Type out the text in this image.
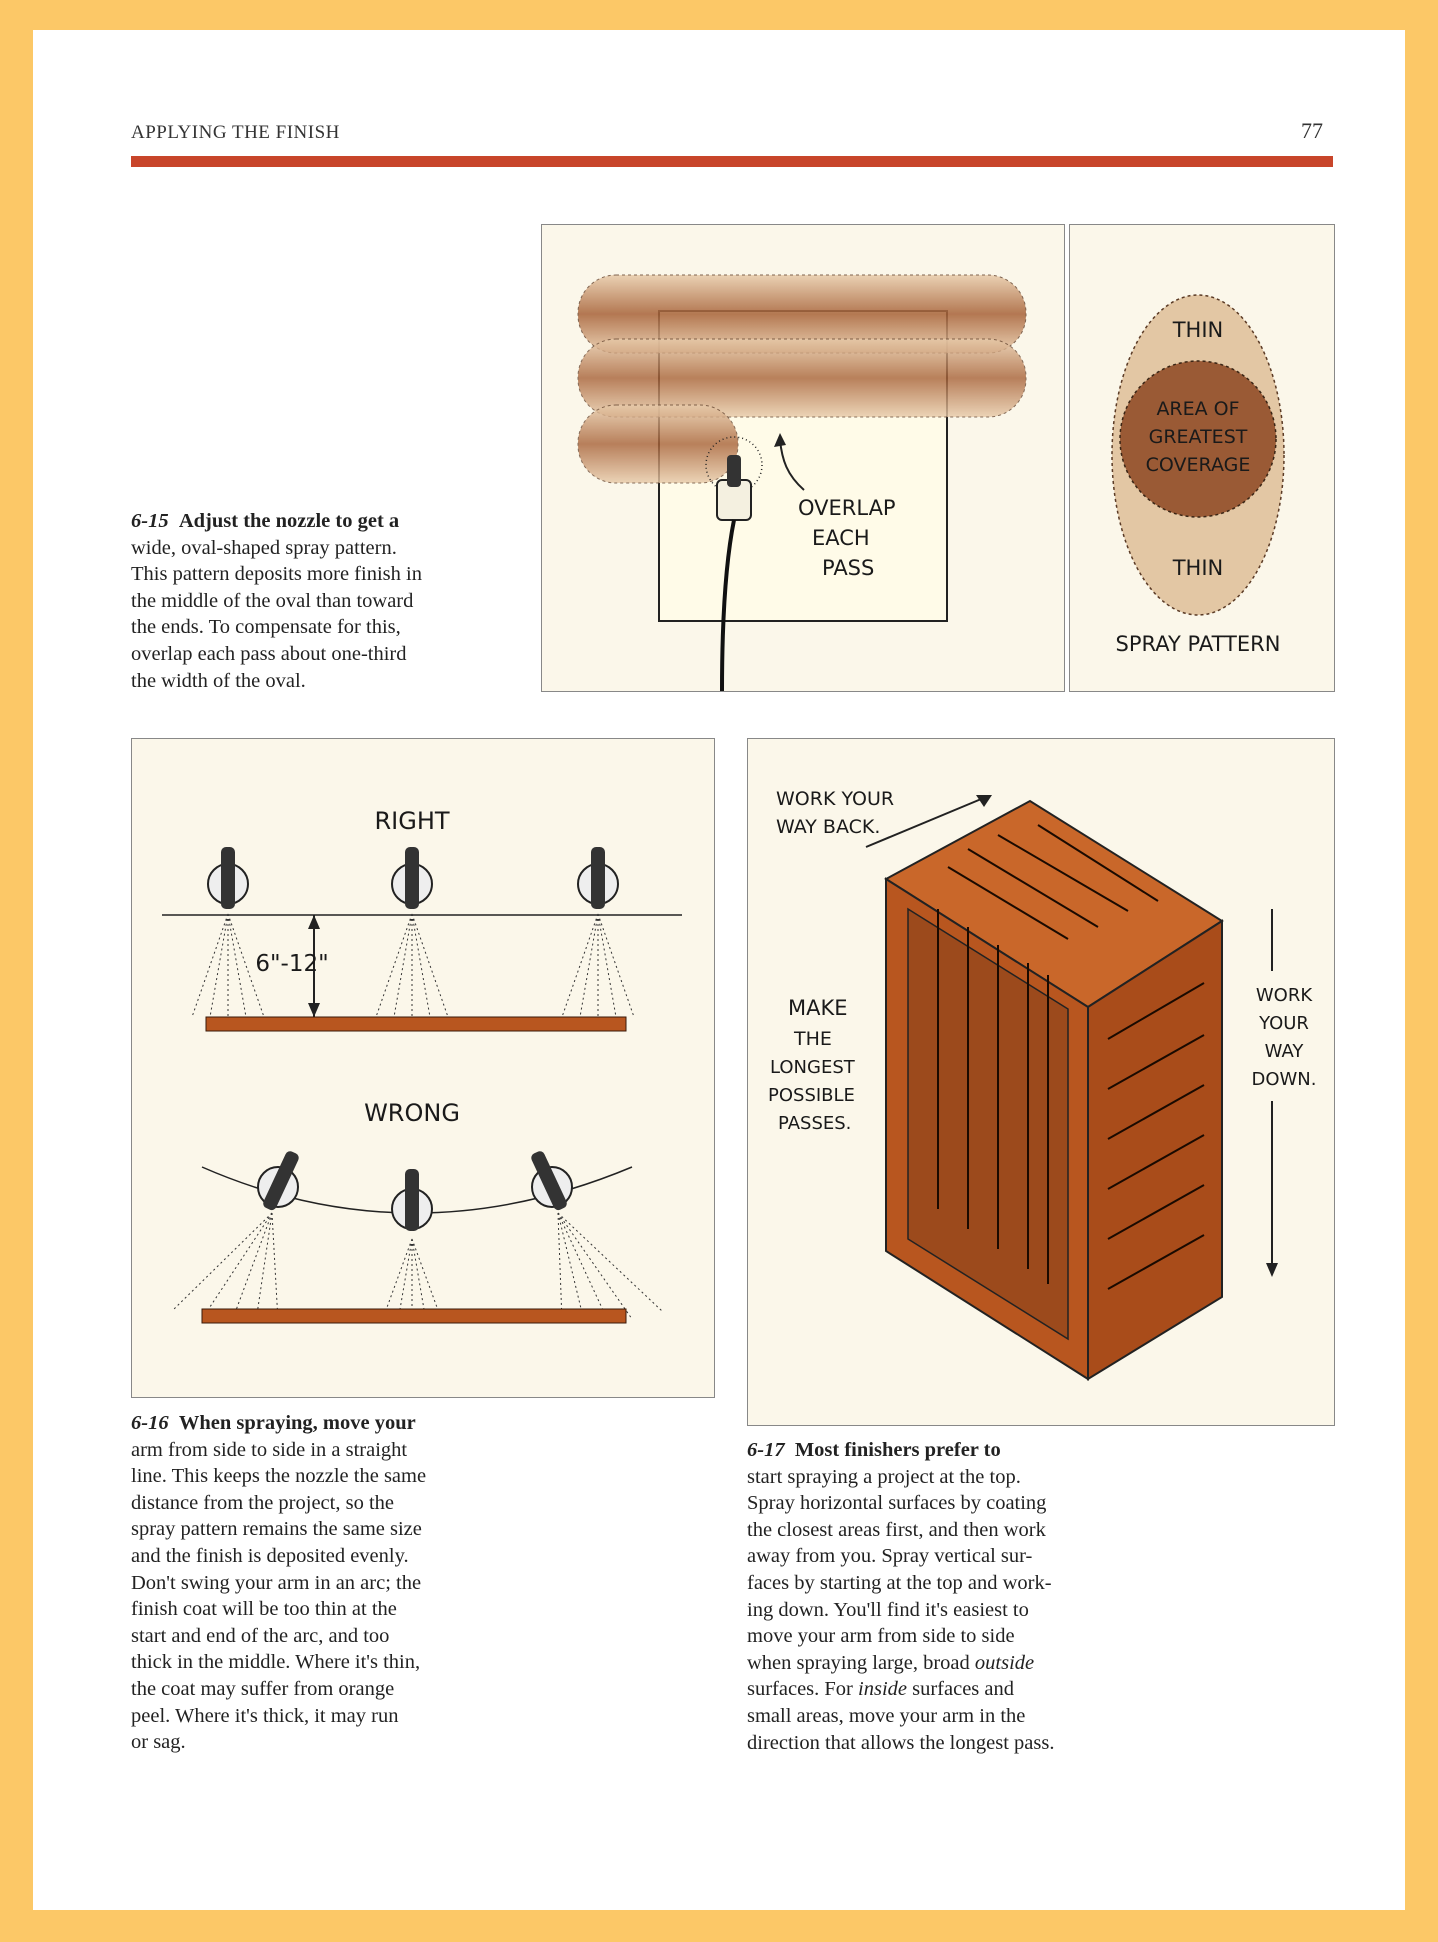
APPLYING THE FINISH	77
6-15 Adjust the nozzle to get a
wide, oval-shaped spray pattern.
This pattern deposits more finish in
the middle of the oval than toward
the ends. To compensate for this,
overlap each pass about one-third
the width of the oval.
OVERLAP
EACH
PASS
THIN
AREA OF
GREATEST
COVERAGE
THIN
SPRAY PATTERN
RIGHT
6"-12"
WRONG
6-16 When spraying, move your
arm from side to side in a straight
line. This keeps the nozzle the same
distance from the project, so the
spray pattern remains the same size
and the finish is deposited evenly.
Don't swing your arm in an arc; the
finish coat will be too thin at the
start and end of the arc, and too
thick in the middle. Where it's thin,
the coat may suffer from orange
peel. Where it's thick, it may run
or sag.
WORK YOUR
WAY BACK.
MAKE
THE
LONGEST
POSSIBLE
PASSES.
WORK
YOUR
WAY
DOWN.
6-17 Most finishers prefer to
start spraying a project at the top.
Spray horizontal surfaces by coating
the closest areas first, and then work
away from you. Spray vertical sur-
faces by starting at the top and work-
ing down. You'll find it's easiest to
move your arm from side to side
when spraying large, broad outside
surfaces. For inside surfaces and
small areas, move your arm in the
direction that allows the longest pass.
